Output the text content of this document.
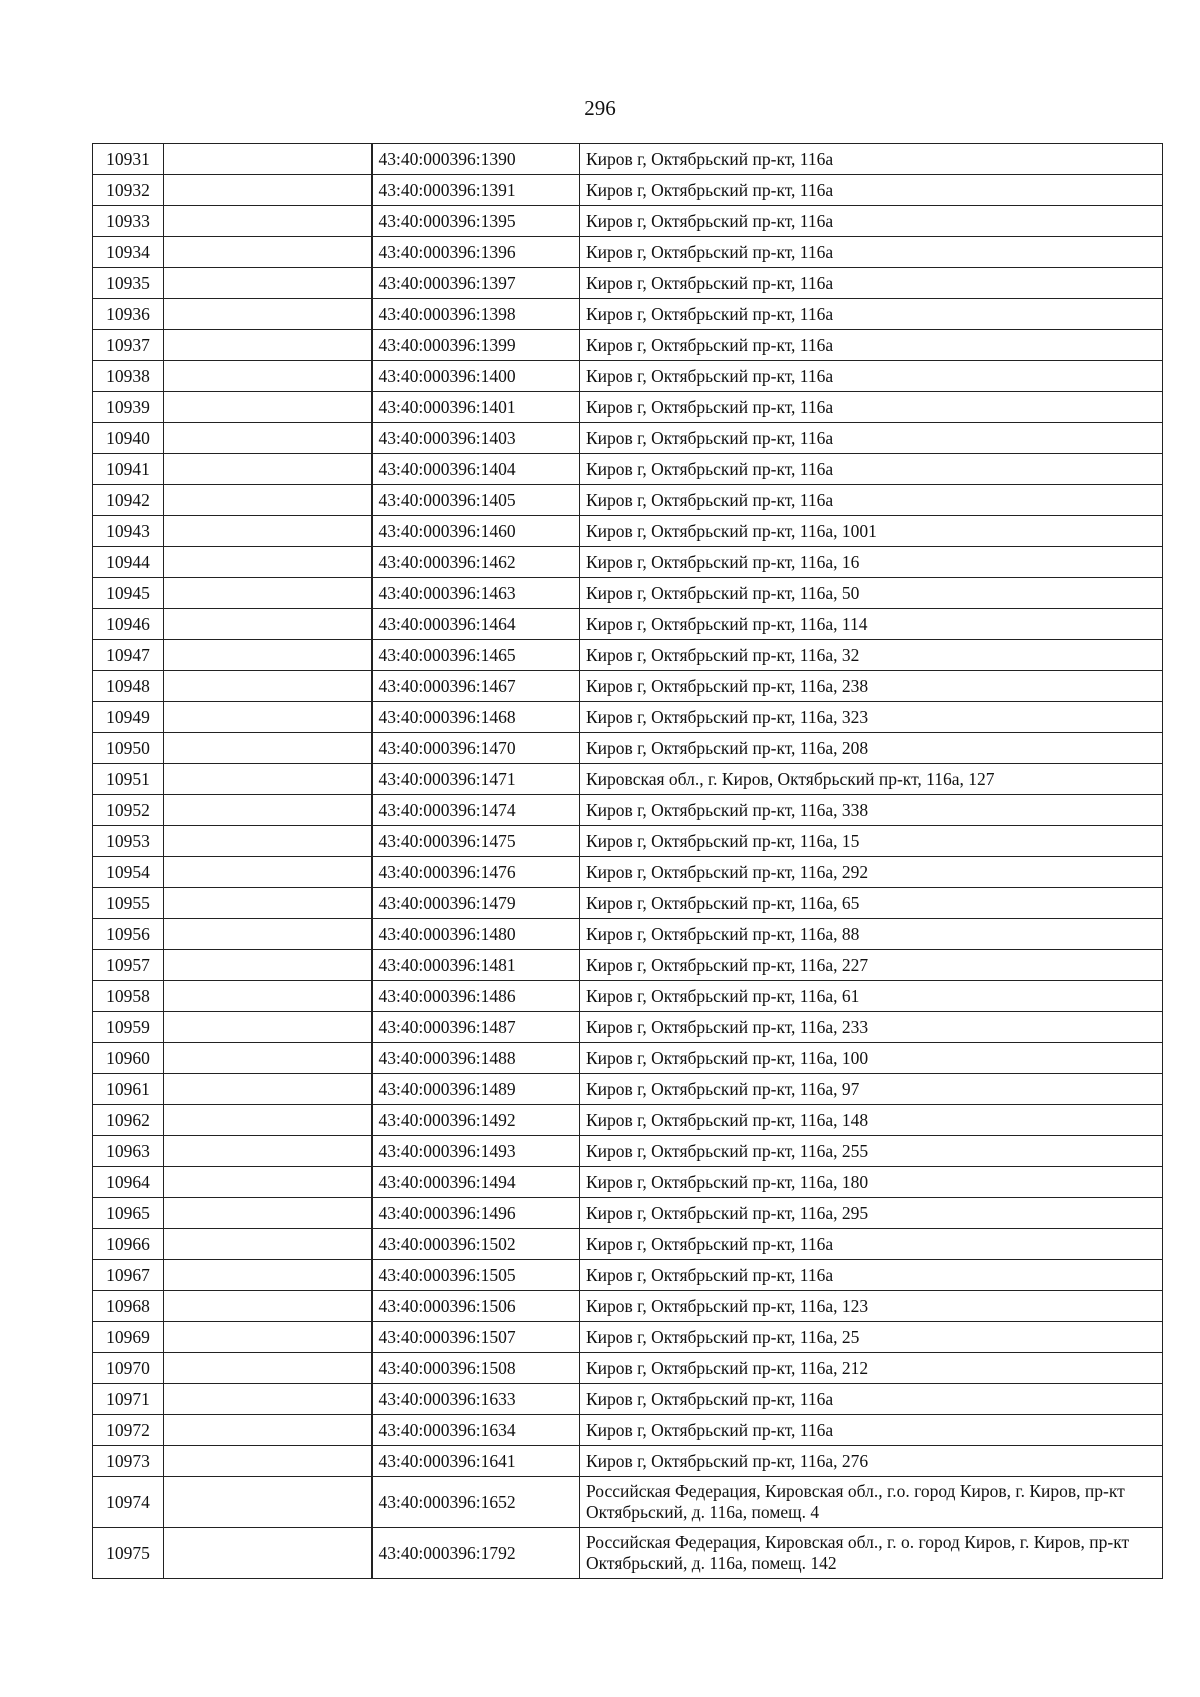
296
10931		43:40:000396:1390	Киров г, Октябрьский пр-кт, 116а
10932		43:40:000396:1391	Киров г, Октябрьский пр-кт, 116а
10933		43:40:000396:1395	Киров г, Октябрьский пр-кт, 116а
10934		43:40:000396:1396	Киров г, Октябрьский пр-кт, 116а
10935		43:40:000396:1397	Киров г, Октябрьский пр-кт, 116а
10936		43:40:000396:1398	Киров г, Октябрьский пр-кт, 116а
10937		43:40:000396:1399	Киров г, Октябрьский пр-кт, 116а
10938		43:40:000396:1400	Киров г, Октябрьский пр-кт, 116а
10939		43:40:000396:1401	Киров г, Октябрьский пр-кт, 116а
10940		43:40:000396:1403	Киров г, Октябрьский пр-кт, 116а
10941		43:40:000396:1404	Киров г, Октябрьский пр-кт, 116а
10942		43:40:000396:1405	Киров г, Октябрьский пр-кт, 116а
10943		43:40:000396:1460	Киров г, Октябрьский пр-кт, 116а, 1001
10944		43:40:000396:1462	Киров г, Октябрьский пр-кт, 116а, 16
10945		43:40:000396:1463	Киров г, Октябрьский пр-кт, 116а, 50
10946		43:40:000396:1464	Киров г, Октябрьский пр-кт, 116а, 114
10947		43:40:000396:1465	Киров г, Октябрьский пр-кт, 116а, 32
10948		43:40:000396:1467	Киров г, Октябрьский пр-кт, 116а, 238
10949		43:40:000396:1468	Киров г, Октябрьский пр-кт, 116а, 323
10950		43:40:000396:1470	Киров г, Октябрьский пр-кт, 116а, 208
10951		43:40:000396:1471	Кировская обл., г. Киров, Октябрьский пр-кт, 116а, 127
10952		43:40:000396:1474	Киров г, Октябрьский пр-кт, 116а, 338
10953		43:40:000396:1475	Киров г, Октябрьский пр-кт, 116а, 15
10954		43:40:000396:1476	Киров г, Октябрьский пр-кт, 116а, 292
10955		43:40:000396:1479	Киров г, Октябрьский пр-кт, 116а, 65
10956		43:40:000396:1480	Киров г, Октябрьский пр-кт, 116а, 88
10957		43:40:000396:1481	Киров г, Октябрьский пр-кт, 116а, 227
10958		43:40:000396:1486	Киров г, Октябрьский пр-кт, 116а, 61
10959		43:40:000396:1487	Киров г, Октябрьский пр-кт, 116а, 233
10960		43:40:000396:1488	Киров г, Октябрьский пр-кт, 116а, 100
10961		43:40:000396:1489	Киров г, Октябрьский пр-кт, 116а, 97
10962		43:40:000396:1492	Киров г, Октябрьский пр-кт, 116а, 148
10963		43:40:000396:1493	Киров г, Октябрьский пр-кт, 116а, 255
10964		43:40:000396:1494	Киров г, Октябрьский пр-кт, 116а, 180
10965		43:40:000396:1496	Киров г, Октябрьский пр-кт, 116а, 295
10966		43:40:000396:1502	Киров г, Октябрьский пр-кт, 116а
10967		43:40:000396:1505	Киров г, Октябрьский пр-кт, 116а
10968		43:40:000396:1506	Киров г, Октябрьский пр-кт, 116а, 123
10969		43:40:000396:1507	Киров г, Октябрьский пр-кт, 116а, 25
10970		43:40:000396:1508	Киров г, Октябрьский пр-кт, 116а, 212
10971		43:40:000396:1633	Киров г, Октябрьский пр-кт, 116а
10972		43:40:000396:1634	Киров г, Октябрьский пр-кт, 116а
10973		43:40:000396:1641	Киров г, Октябрьский пр-кт, 116а, 276
10974		43:40:000396:1652	Российская Федерация, Кировская обл., г.о. город Киров, г. Киров, пр-кт Октябрьский, д. 116а, помещ. 4
10975		43:40:000396:1792	Российская Федерация, Кировская обл., г. о. город Киров, г. Киров, пр-кт Октябрьский, д. 116а, помещ. 142
